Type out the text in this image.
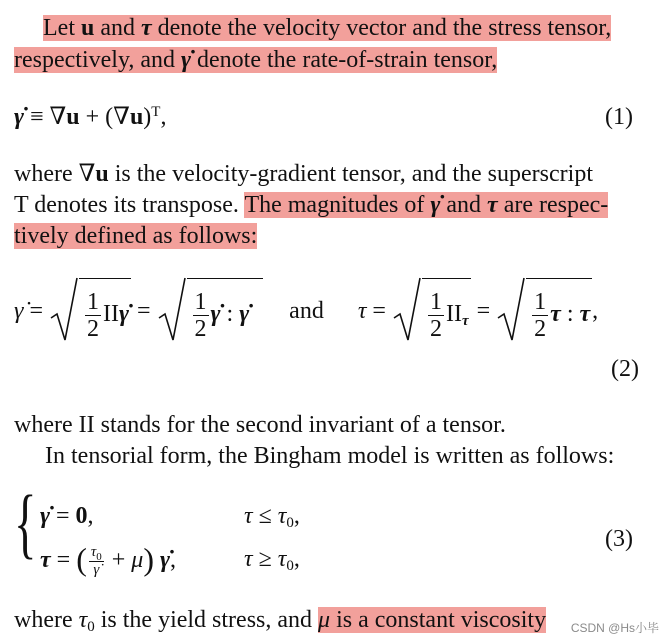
Let u and τ denote the velocity vector and the stress tensor,
respectively, and γ̇ denote the rate-of-strain tensor,
γ̇ ≡ $\nabla u + (\nabla u)^T$,	(1)
where ∇u is the velocity-gradient tensor, and the superscript
T denotes its transpose. The magnitudes of γ̇ and τ are respec-
tively defined as follows:
γ̇ = $\frac{1}{2}$ IIγ̇ = $\frac{1}{2}$ γ̇ : γ̇ and $\tau = \frac{1}{2} II_\tau = \frac{1}{2}$ τ : τ,
(2)
where II stands for the second invariant of a tensor.
In tensorial form, the Bingham model is written as follows:
{ γ̇ = 0,	$\tau \le \tau_0$,
τ = ( $\frac{\tau_0}{\gammȧ} + \mu$) γ̇,	$\tau \ge \tau_0$,
(3)
where $\tau_0$ is the yield stress, and μ is a constant viscosity CSDN @Hs小毕
